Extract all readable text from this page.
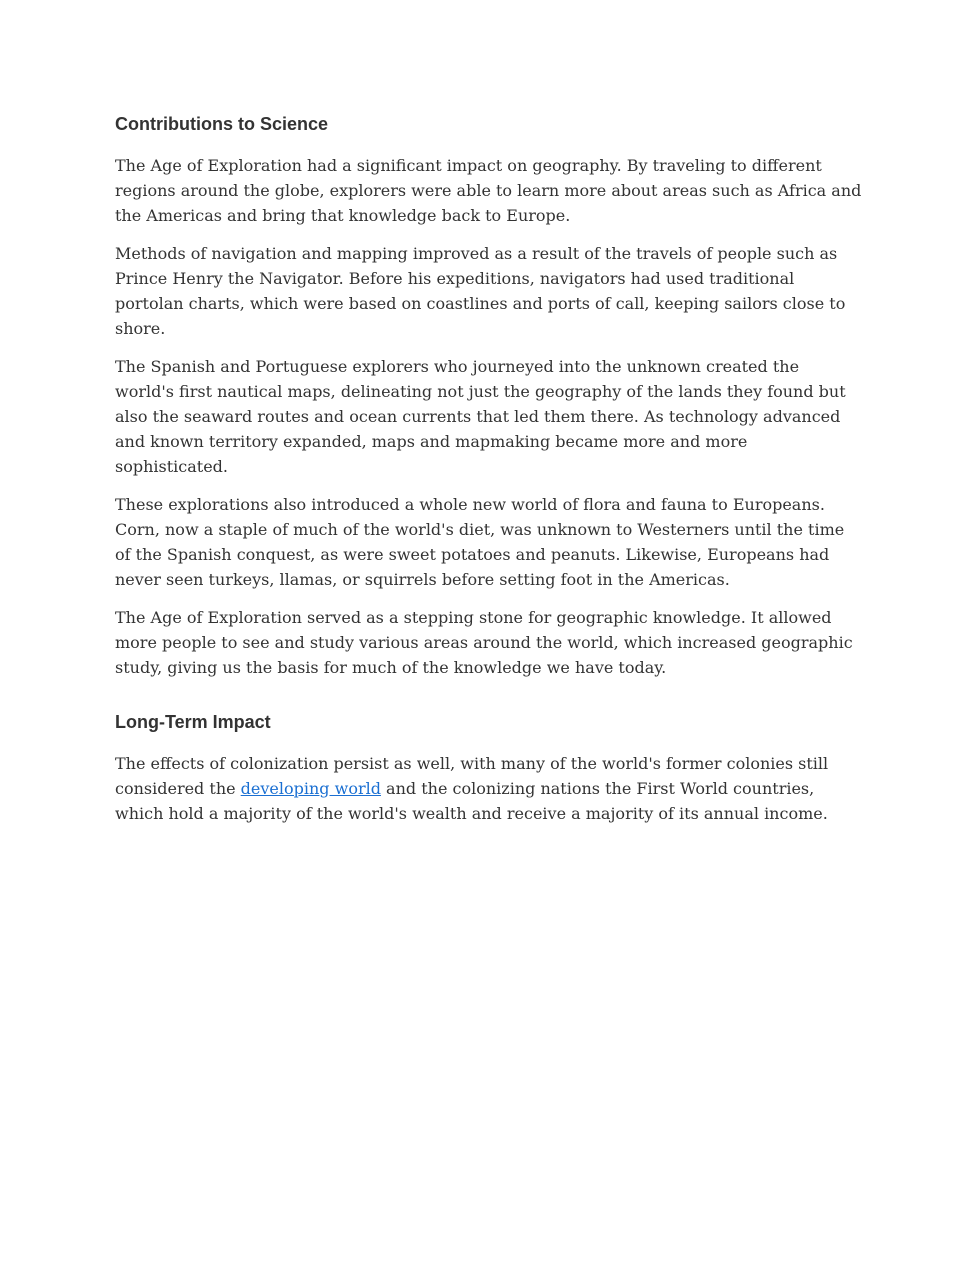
Contributions to Science

The Age of Exploration had a significant impact on geography. By traveling to different regions around the globe, explorers were able to learn more about areas such as Africa and the Americas and bring that knowledge back to Europe.

Methods of navigation and mapping improved as a result of the travels of people such as Prince Henry the Navigator. Before his expeditions, navigators had used traditional portolan charts, which were based on coastlines and ports of call, keeping sailors close to shore.

The Spanish and Portuguese explorers who journeyed into the unknown created the world's first nautical maps, delineating not just the geography of the lands they found but also the seaward routes and ocean currents that led them there. As technology advanced and known territory expanded, maps and mapmaking became more and more sophisticated.

These explorations also introduced a whole new world of flora and fauna to Europeans. Corn, now a staple of much of the world's diet, was unknown to Westerners until the time of the Spanish conquest, as were sweet potatoes and peanuts. Likewise, Europeans had never seen turkeys, llamas, or squirrels before setting foot in the Americas.

The Age of Exploration served as a stepping stone for geographic knowledge. It allowed more people to see and study various areas around the world, which increased geographic study, giving us the basis for much of the knowledge we have today.

Long-Term Impact

The effects of colonization persist as well, with many of the world's former colonies still considered the developing world and the colonizing nations the First World countries, which hold a majority of the world's wealth and receive a majority of its annual income.
